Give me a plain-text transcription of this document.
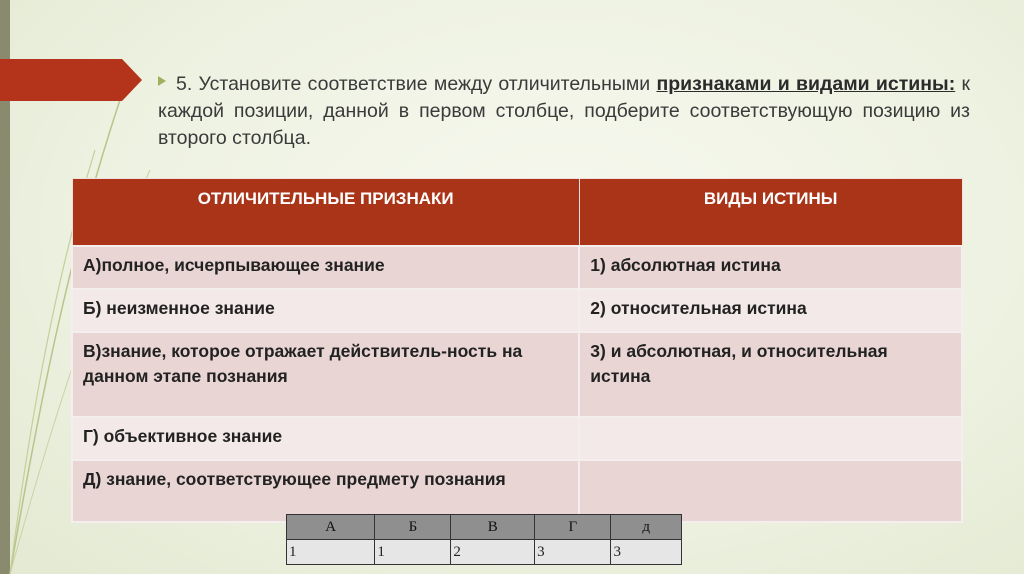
5. Установите соответствие между отличительными признаками и видами истины: к каждой позиции, данной в первом столбце, подберите соответствующую позицию из второго столбца.
ОТЛИЧИТЕЛЬНЫЕ ПРИЗНАКИ	ВИДЫ ИСТИНЫ
А)полное, исчерпывающее знание	1) абсолютная истина
Б) неизменное знание	2) относительная истина
В)знание, которое отражает действитель-ность на данном этапе познания	3) и абсолютная, и относительная истина
Г) объективное знание	
Д) знание, соответствующее предмету познания	
А	Б	В	Г	д
1	1	2	3	3
